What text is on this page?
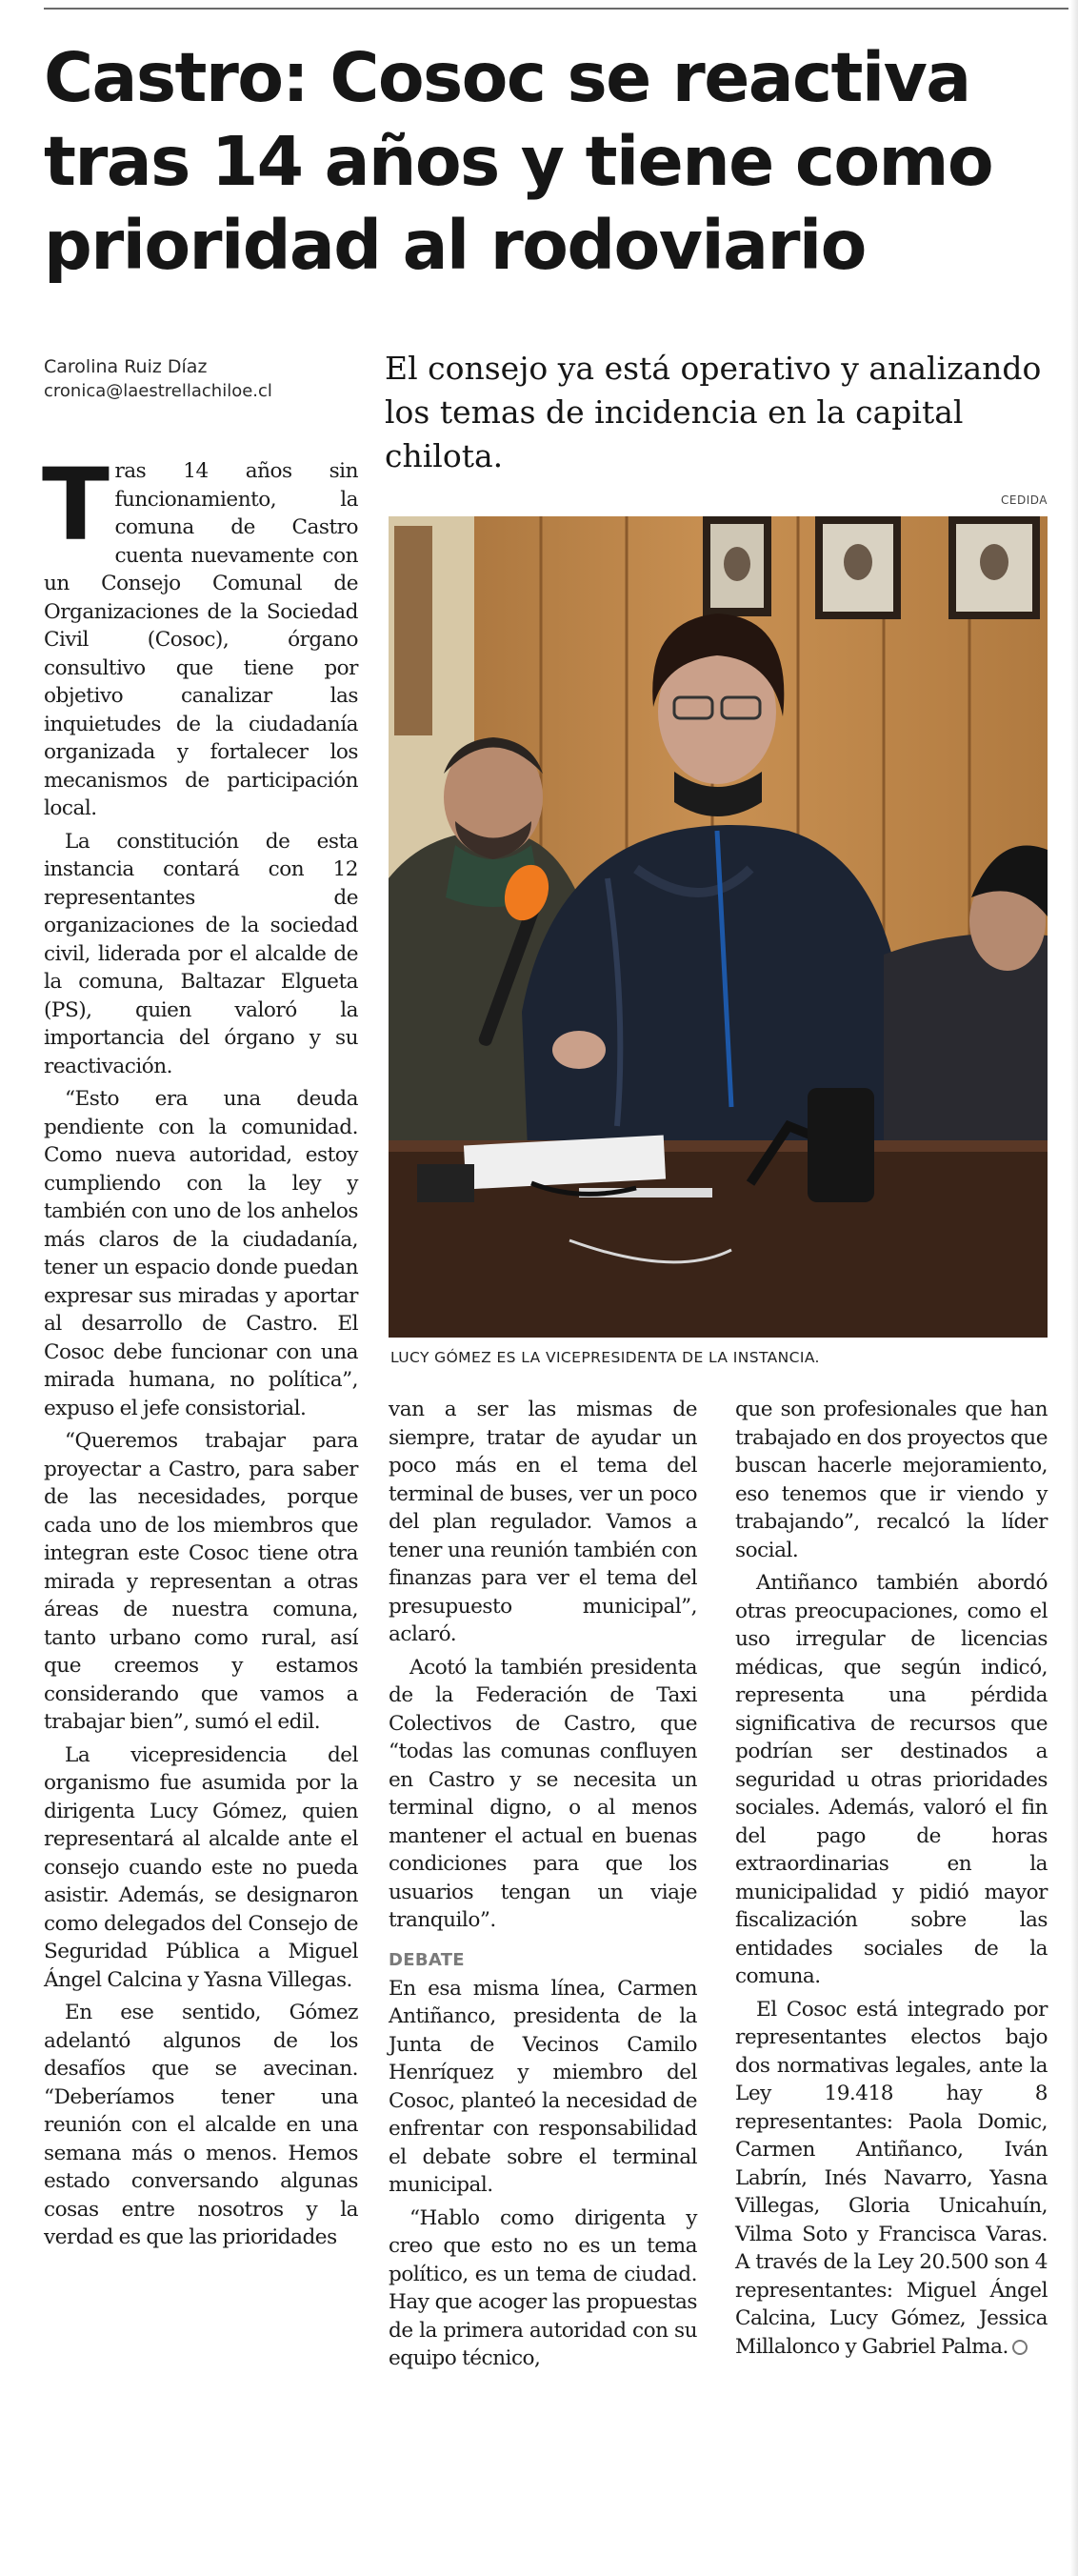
Castro: Cosoc se reactiva tras 14 años y tiene como prioridad al rodoviario
Carolina Ruiz Díaz
cronica@laestrellachiloe.cl

El consejo ya está operativo y analizando los temas de incidencia en la capital chilota.

CEDIDA
LUCY GÓMEZ ES LA VICEPRESIDENTA DE LA INSTANCIA.

Tras 14 años sin funcionamiento, la comuna de Castro cuenta nuevamente con un Consejo Comunal de Organizaciones de la Sociedad Civil (Cosoc), órgano consultivo que tiene por objetivo canalizar las inquietudes de la ciudadanía organizada y fortalecer los mecanismos de participación local.

La constitución de esta instancia contará con 12 representantes de organizaciones de la sociedad civil, liderada por el alcalde de la comuna, Baltazar Elgueta (PS), quien valoró la importancia del órgano y su reactivación.

“Esto era una deuda pendiente con la comunidad. Como nueva autoridad, estoy cumpliendo con la ley y también con uno de los anhelos más claros de la ciudadanía, tener un espacio donde puedan expresar sus miradas y aportar al desarrollo de Castro. El Cosoc debe funcionar con una mirada humana, no política”, expuso el jefe consistorial.

“Queremos trabajar para proyectar a Castro, para saber de las necesidades, porque cada uno de los miembros que integran este Cosoc tiene otra mirada y representan a otras áreas de nuestra comuna, tanto urbano como rural, así que creemos y estamos considerando que vamos a trabajar bien”, sumó el edil.

La vicepresidencia del organismo fue asumida por la dirigenta Lucy Gómez, quien representará al alcalde ante el consejo cuando este no pueda asistir. Además, se designaron como delegados del Consejo de Seguridad Pública a Miguel Ángel Calcina y Yasna Villegas.

En ese sentido, Gómez adelantó algunos de los desafíos que se avecinan. “Deberíamos tener una reunión con el alcalde en una semana más o menos. Hemos estado conversando algunas cosas entre nosotros y la verdad es que las prioridades

van a ser las mismas de siempre, tratar de ayudar un poco más en el tema del terminal de buses, ver un poco del plan regulador. Vamos a tener una reunión también con finanzas para ver el tema del presupuesto municipal”, aclaró.

Acotó la también presidenta de la Federación de Taxi Colectivos de Castro, que “todas las comunas confluyen en Castro y se necesita un terminal digno, o al menos mantener el actual en buenas condiciones para que los usuarios tengan un viaje tranquilo”.

DEBATE

En esa misma línea, Carmen Antiñanco, presidenta de la Junta de Vecinos Camilo Henríquez y miembro del Cosoc, planteó la necesidad de enfrentar con responsabilidad el debate sobre el terminal municipal.

“Hablo como dirigenta y creo que esto no es un tema político, es un tema de ciudad. Hay que acoger las propuestas de la primera autoridad con su equipo técnico,

que son profesionales que han trabajado en dos proyectos que buscan hacerle mejoramiento, eso tenemos que ir viendo y trabajando”, recalcó la líder social.

Antiñanco también abordó otras preocupaciones, como el uso irregular de licencias médicas, que según indicó, representa una pérdida significativa de recursos que podrían ser destinados a seguridad u otras prioridades sociales. Además, valoró el fin del pago de horas extraordinarias en la municipalidad y pidió mayor fiscalización sobre las entidades sociales de la comuna.

El Cosoc está integrado por representantes electos bajo dos normativas legales, ante la Ley 19.418 hay 8 representantes: Paola Domic, Carmen Antiñanco, Iván Labrín, Inés Navarro, Yasna Villegas, Gloria Unicahuín, Vilma Soto y Francisca Varas. A través de la Ley 20.500 son 4 representantes: Miguel Ángel Calcina, Lucy Gómez, Jessica Millalonco y Gabriel Palma.
